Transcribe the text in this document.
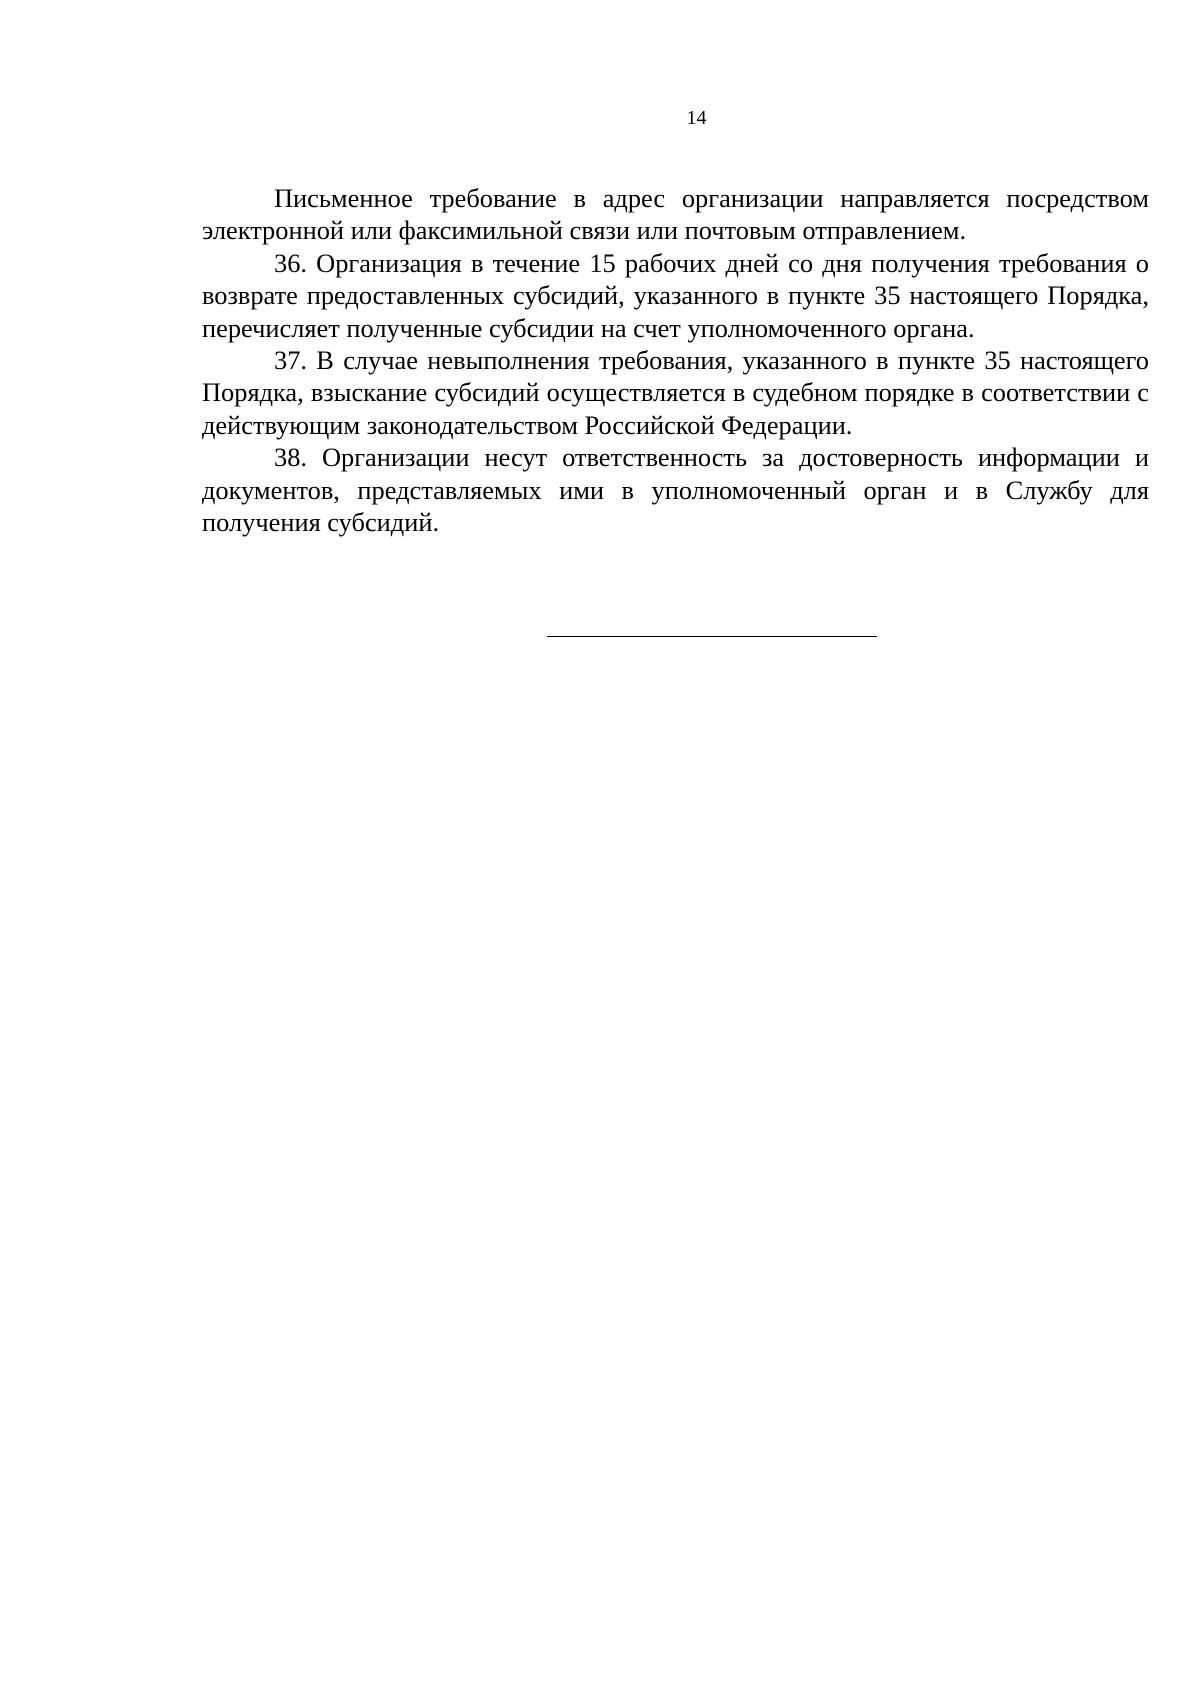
14

Письменное требование в адрес организации направляется посредством электронной или факсимильной связи или почтовым отправлением.

36. Организация в течение 15 рабочих дней со дня получения требования о возврате предоставленных субсидий, указанного в пункте 35 настоящего Порядка, перечисляет полученные субсидии на счет уполномоченного органа.

37. В случае невыполнения требования, указанного в пункте 35 настоящего Порядка, взыскание субсидий осуществляется в судебном порядке в соответствии с действующим законодательством Российской Федерации.

38. Организации несут ответственность за достоверность информации и документов, представляемых ими в уполномоченный орган и в Службу для получения субсидий.
